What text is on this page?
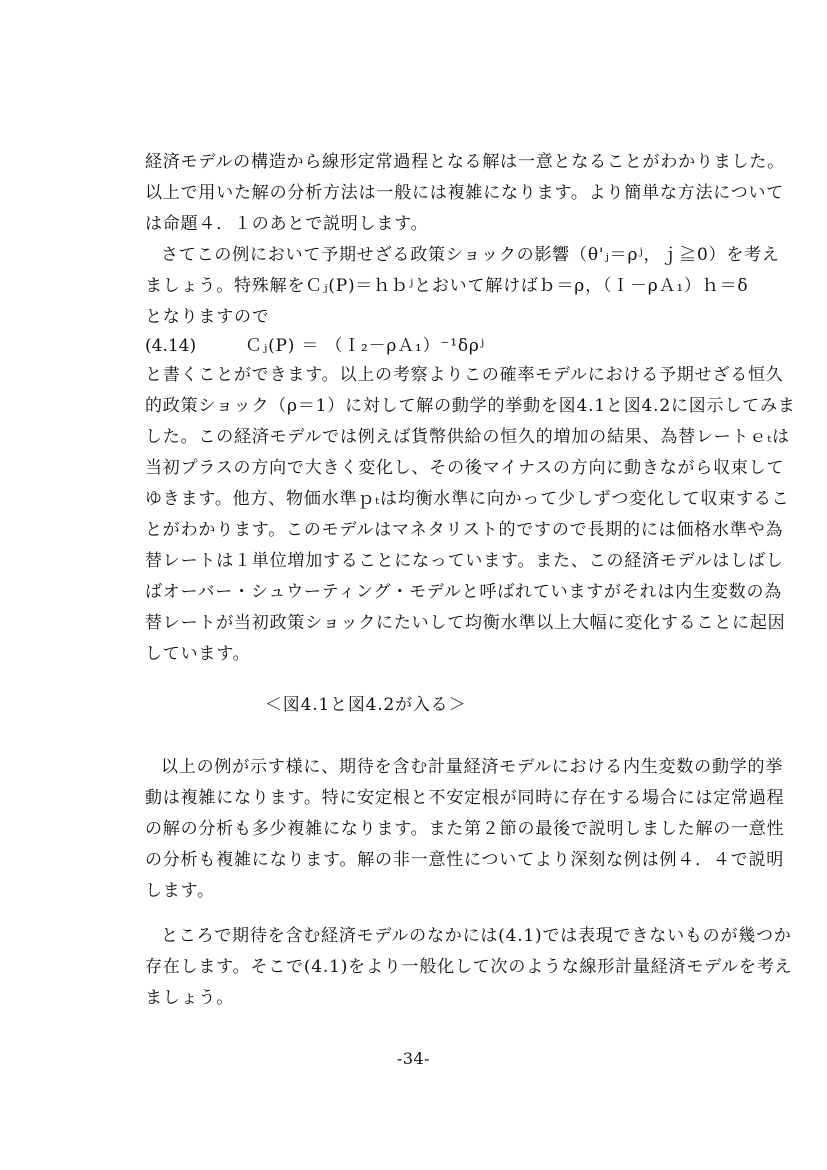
経済モデルの構造から線形定常過程となる解は一意となることがわかりました。
以上で用いた解の分析方法は一般には複雑になります。より簡単な方法について
は命題４．１のあとで説明します。
さてこの例において予期せざる政策ショックの影響（θ'ⱼ＝ρʲ，ｊ≧0）を考え
ましょう。特殊解をＣⱼ(P)＝ｈｂʲとおいて解けばｂ＝ρ，（Ｉ－ρＡ₁）ｈ＝δ
となりますので
(4.14)	Ｃⱼ(P) ＝ （Ｉ₂－ρＡ₁）⁻¹δρʲ
と書くことができます。以上の考察よりこの確率モデルにおける予期せざる恒久
的政策ショック（ρ＝1）に対して解の動学的挙動を図4.1と図4.2に図示してみま
した。この経済モデルでは例えば貨幣供給の恒久的増加の結果、為替レートｅₜは
当初プラスの方向で大きく変化し、その後マイナスの方向に動きながら収束して
ゆきます。他方、物価水準ｐₜは均衡水準に向かって少しずつ変化して収束するこ
とがわかります。このモデルはマネタリスト的ですので長期的には価格水準や為
替レートは１単位増加することになっています。また、この経済モデルはしばし
ばオーバー・シュウーティング・モデルと呼ばれていますがそれは内生変数の為
替レートが当初政策ショックにたいして均衡水準以上大幅に変化することに起因
しています。
＜図4.1と図4.2が入る＞
以上の例が示す様に、期待を含む計量経済モデルにおける内生変数の動学的挙
動は複雑になります。特に安定根と不安定根が同時に存在する場合には定常過程
の解の分析も多少複雑になります。また第２節の最後で説明しました解の一意性
の分析も複雑になります。解の非一意性についてより深刻な例は例４．４で説明
します。
ところで期待を含む経済モデルのなかには(4.1)では表現できないものが幾つか
存在します。そこで(4.1)をより一般化して次のような線形計量経済モデルを考え
ましょう。
-34-
